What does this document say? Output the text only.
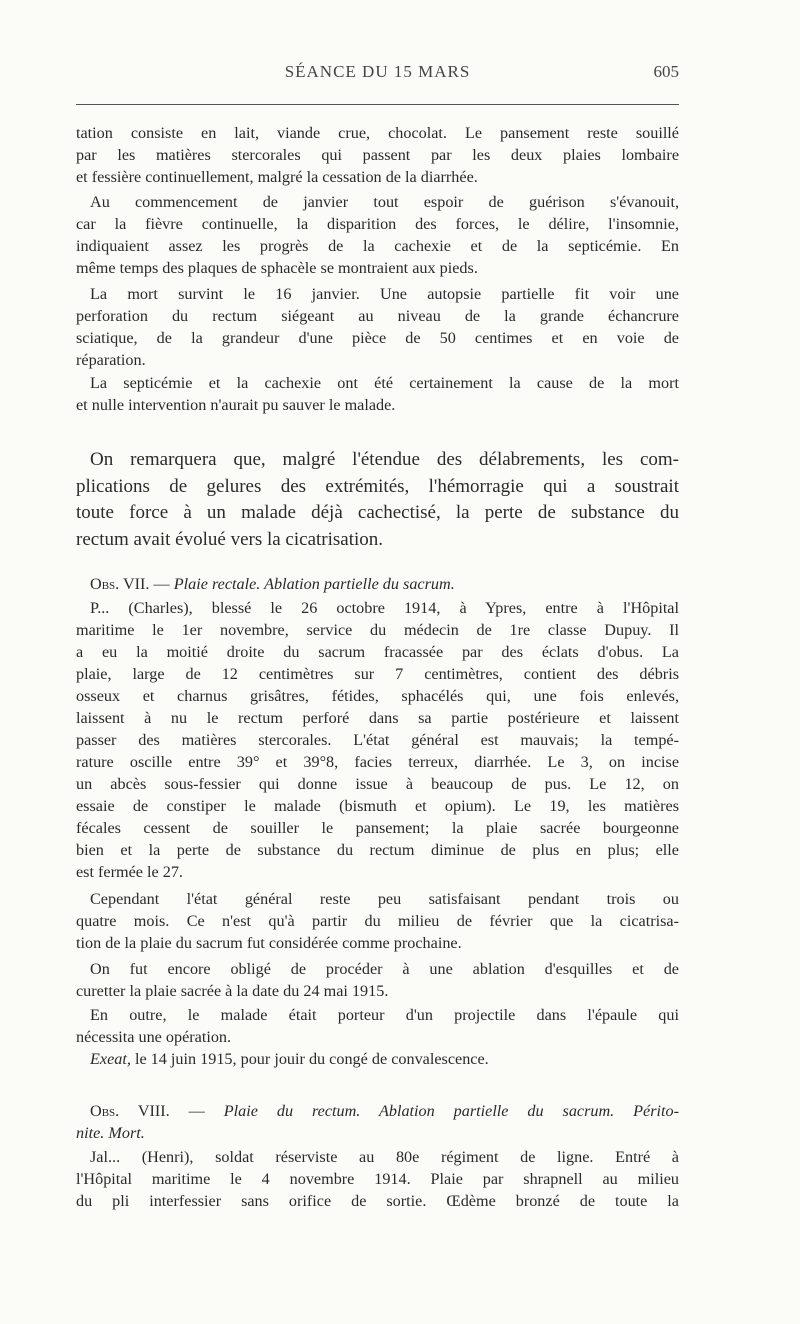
SÉANCE DU 15 MARS	605
tation consiste en lait, viande crue, chocolat. Le pansement reste souillé
par les matières stercorales qui passent par les deux plaies lombaire
et fessière continuellement, malgré la cessation de la diarrhée.
Au commencement de janvier tout espoir de guérison s'évanouit,
car la fièvre continuelle, la disparition des forces, le délire, l'insomnie,
indiquaient assez les progrès de la cachexie et de la septicémie. En
même temps des plaques de sphacèle se montraient aux pieds.
La mort survint le 16 janvier. Une autopsie partielle fit voir une
perforation du rectum siégeant au niveau de la grande échancrure
sciatique, de la grandeur d'une pièce de 50 centimes et en voie de
réparation.
La septicémie et la cachexie ont été certainement la cause de la mort
et nulle intervention n'aurait pu sauver le malade.
On remarquera que, malgré l'étendue des délabrements, les com-
plications de gelures des extrémités, l'hémorragie qui a soustrait
toute force à un malade déjà cachectisé, la perte de substance du
rectum avait évolué vers la cicatrisation.
Obs. VII. — Plaie rectale. Ablation partielle du sacrum.
P... (Charles), blessé le 26 octobre 1914, à Ypres, entre à l'Hôpital
maritime le 1er novembre, service du médecin de 1re classe Dupuy. Il
a eu la moitié droite du sacrum fracassée par des éclats d'obus. La
plaie, large de 12 centimètres sur 7 centimètres, contient des débris
osseux et charnus grisâtres, fétides, sphacélés qui, une fois enlevés,
laissent à nu le rectum perforé dans sa partie postérieure et laissent
passer des matières stercorales. L'état général est mauvais; la tempé-
rature oscille entre 39° et 39°8, facies terreux, diarrhée. Le 3, on incise
un abcès sous-fessier qui donne issue à beaucoup de pus. Le 12, on
essaie de constiper le malade (bismuth et opium). Le 19, les matières
fécales cessent de souiller le pansement; la plaie sacrée bourgeonne
bien et la perte de substance du rectum diminue de plus en plus; elle
est fermée le 27.
Cependant l'état général reste peu satisfaisant pendant trois ou
quatre mois. Ce n'est qu'à partir du milieu de février que la cicatrisa-
tion de la plaie du sacrum fut considérée comme prochaine.
On fut encore obligé de procéder à une ablation d'esquilles et de
curetter la plaie sacrée à la date du 24 mai 1915.
En outre, le malade était porteur d'un projectile dans l'épaule qui
nécessita une opération.
Exeat, le 14 juin 1915, pour jouir du congé de convalescence.
Obs. VIII. — Plaie du rectum. Ablation partielle du sacrum. Périto-
nite. Mort.
Jal... (Henri), soldat réserviste au 80e régiment de ligne. Entré à
l'Hôpital maritime le 4 novembre 1914. Plaie par shrapnell au milieu
du pli interfessier sans orifice de sortie. Œdème bronzé de toute la
